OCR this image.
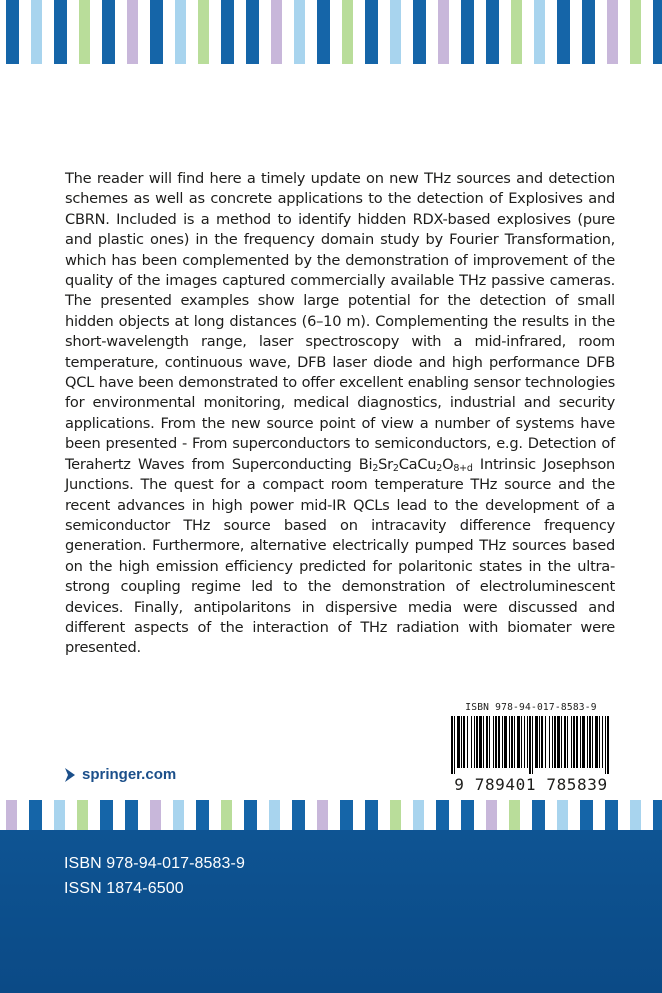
The reader will find here a timely update on new THz sources and detection schemes as well as concrete applications to the detection of Explosives and CBRN. Included is a method to identify hidden RDX-based explosives (pure and plastic ones) in the frequency domain study by Fourier Transformation, which has been complemented by the demonstration of improvement of the quality of the images captured commercially available THz passive cameras. The presented examples show large potential for the detection of small hidden objects at long distances (6–10 m). Complementing the results in the short-wavelength range, laser spectroscopy with a mid-infrared, room temperature, continuous wave, DFB laser diode and high performance DFB QCL have been demonstrated to offer excellent enabling sensor technologies for environmental monitoring, medical diagnostics, industrial and security applications. From the new source point of view a number of systems have been presented - From superconductors to semiconductors, e.g. Detection of Terahertz Waves from Superconducting $Bi_2Sr_2CaCu_2O_{8+d}$ Intrinsic Josephson Junctions. The quest for a compact room temperature THz source and the recent advances in high power mid-IR QCLs lead to the development of a semiconductor THz source based on intracavity difference frequency generation. Furthermore, alternative electrically pumped THz sources based on the high emission efficiency predicted for polaritonic states in the ultra-strong coupling regime led to the demonstration of electroluminescent devices. Finally, antipolaritons in dispersive media were discussed and different aspects of the interaction of THz radiation with biomater were presented.

ISBN 978-94-017-8583-9
9 789401 785839
springer.com
ISBN 978-94-017-8583-9
ISSN 1874-6500
